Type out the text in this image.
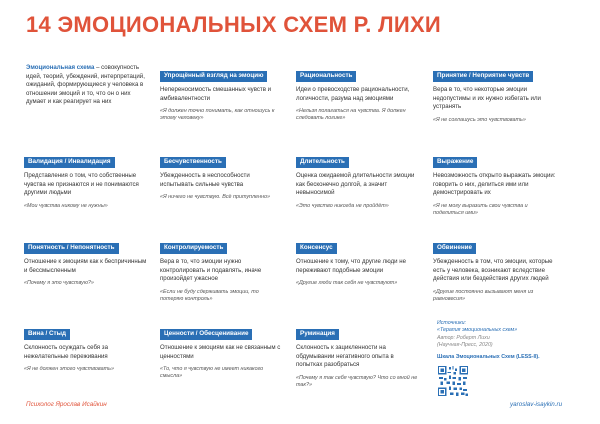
14 ЭМОЦИОНАЛЬНЫХ СХЕМ Р. ЛИХИ
Эмоциональная схема – совокупность идей, теорий, убеждений, интерпретаций, ожиданий, формирующиеся у человека в отношении эмоций и то, что он о них думает и как реагирует на них
Упрощённый взгляд на эмоцию
Непереносимость смешанных чувств и амбивалентности
«Я должен точно понимать, как отношусь к этому человеку»
Рациональность
Идеи о превосходстве рациональности, логичности, разума над эмоциями
«Нельзя полагаться на чувства. Я должен следовать логике»
Принятие / Неприятие чувств
Вера в то, что некоторые эмоции недопустимы и их нужно избегать или устранять
«Я не соглашусь это чувствовать»
Валидация / Инвалидация
Представления о том, что собственные чувства не признаются и не понимаются другими людьми
«Мои чувства никому не нужны»
Бесчувственность
Убежденность в неспособности испытывать сильные чувства
«Я ничего не чувствую. Всё притупленно»
Длительность
Оценка ожидаемой длительности эмоции как бесконечно долгой, а значит невыносимой
«Это чувство никогда не пройдёт»
Выражение
Невозможность открыто выражать эмоции: говорить о них, делиться ими или демонстрировать их
«Я не могу выразить свои чувства и поделиться ими»
Понятность / Непонятность
Отношение к эмоциям как к беспричинным и бессмысленным
«Почему я это чувствую?»
Контролируемость
Вера в то, что эмоции нужно контролировать и подавлять, иначе произойдет ужасное
«Если не буду сдерживать эмоции, то потеряю контроль»
Консенсус
Отношение к тому, что другие люди не переживают подобные эмоции
«Другие люди так себя не чувствуют»
Обвинение
Убежденность в том, что эмоции, которые есть у человека, возникают вследствие действия или бездействия других людей
«Другие постоянно вызывают меня из равновесия»
Вина / Стыд
Склонность осуждать себя за нежелательные переживания
«Я не должен этого чувствовать»
Ценности / Обесценивание
Отношение к эмоциям как не связанным с ценностями
«То, что я чувствую не имеет никакого смысла»
Руминация
Склонность к зацикленности на обдумывании негативного опыта в попытках разобраться
«Почему я так себя чувствую? Что со мной не так?»
Источники:
«Терапия эмоциональных схем»
Автор: Роберт Лихи
(Научная-Пресс, 2020)
Шкала Эмоциональных Схем (LESS-II).
Психолог Ярослав Исайкин	yaroslav-isaykin.ru
